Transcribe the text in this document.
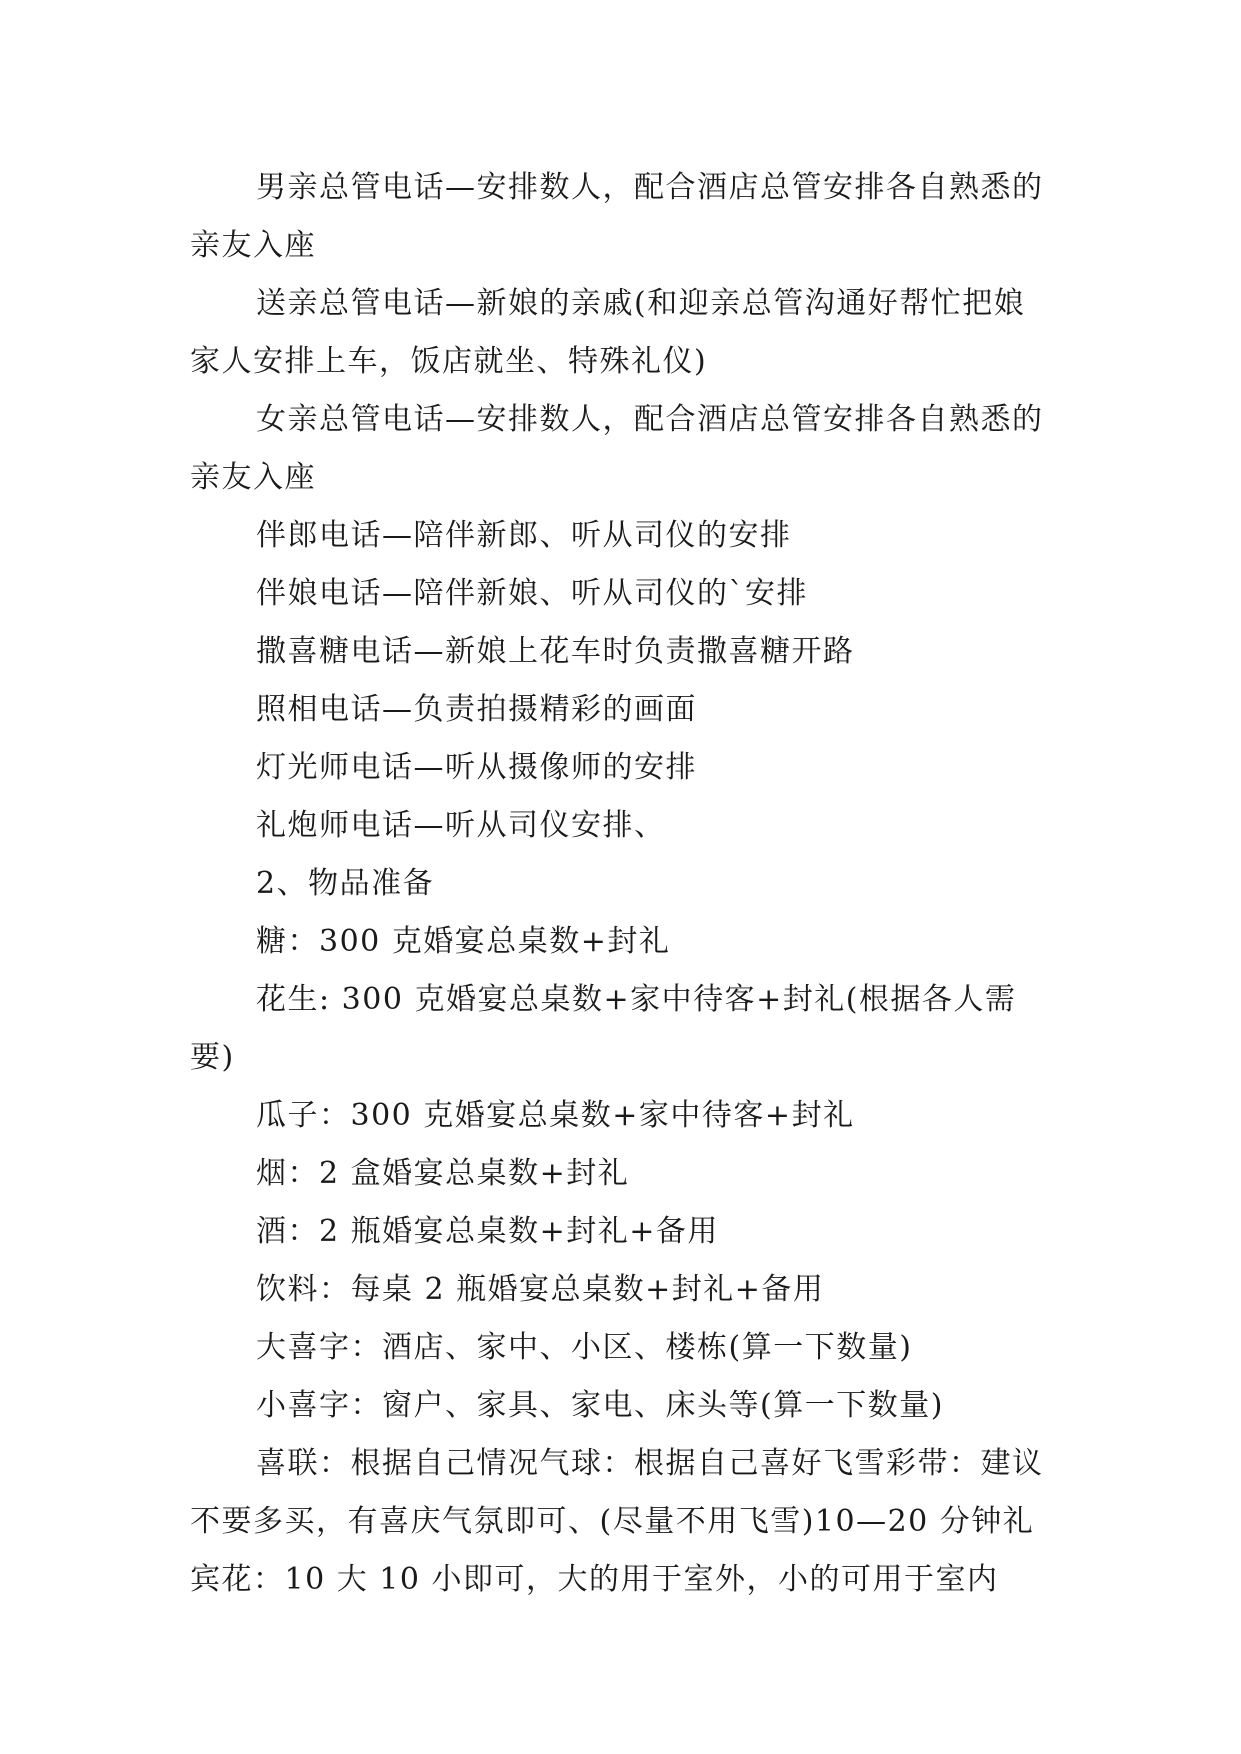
男亲总管电话—安排数人，配合酒店总管安排各自熟悉的亲友入座

送亲总管电话—新娘的亲戚(和迎亲总管沟通好帮忙把娘家人安排上车，饭店就坐、特殊礼仪)

女亲总管电话—安排数人，配合酒店总管安排各自熟悉的亲友入座

伴郎电话—陪伴新郎、听从司仪的安排

伴娘电话—陪伴新娘、听从司仪的`安排

撒喜糖电话—新娘上花车时负责撒喜糖开路

照相电话—负责拍摄精彩的画面

灯光师电话—听从摄像师的安排

礼炮师电话—听从司仪安排、

2、物品准备

糖：300 克婚宴总桌数+封礼

花生: 300 克婚宴总桌数+家中待客+封礼(根据各人需要)

瓜子：300 克婚宴总桌数+家中待客+封礼

烟：2 盒婚宴总桌数+封礼

酒：2 瓶婚宴总桌数+封礼+备用

饮料：每桌 2 瓶婚宴总桌数+封礼+备用

大喜字：酒店、家中、小区、楼栋(算一下数量)

小喜字：窗户、家具、家电、床头等(算一下数量)

喜联：根据自己情况气球：根据自己喜好飞雪彩带：建议不要多买，有喜庆气氛即可、(尽量不用飞雪)10—20 分钟礼宾花：10 大 10 小即可，大的用于室外，小的可用于室内
